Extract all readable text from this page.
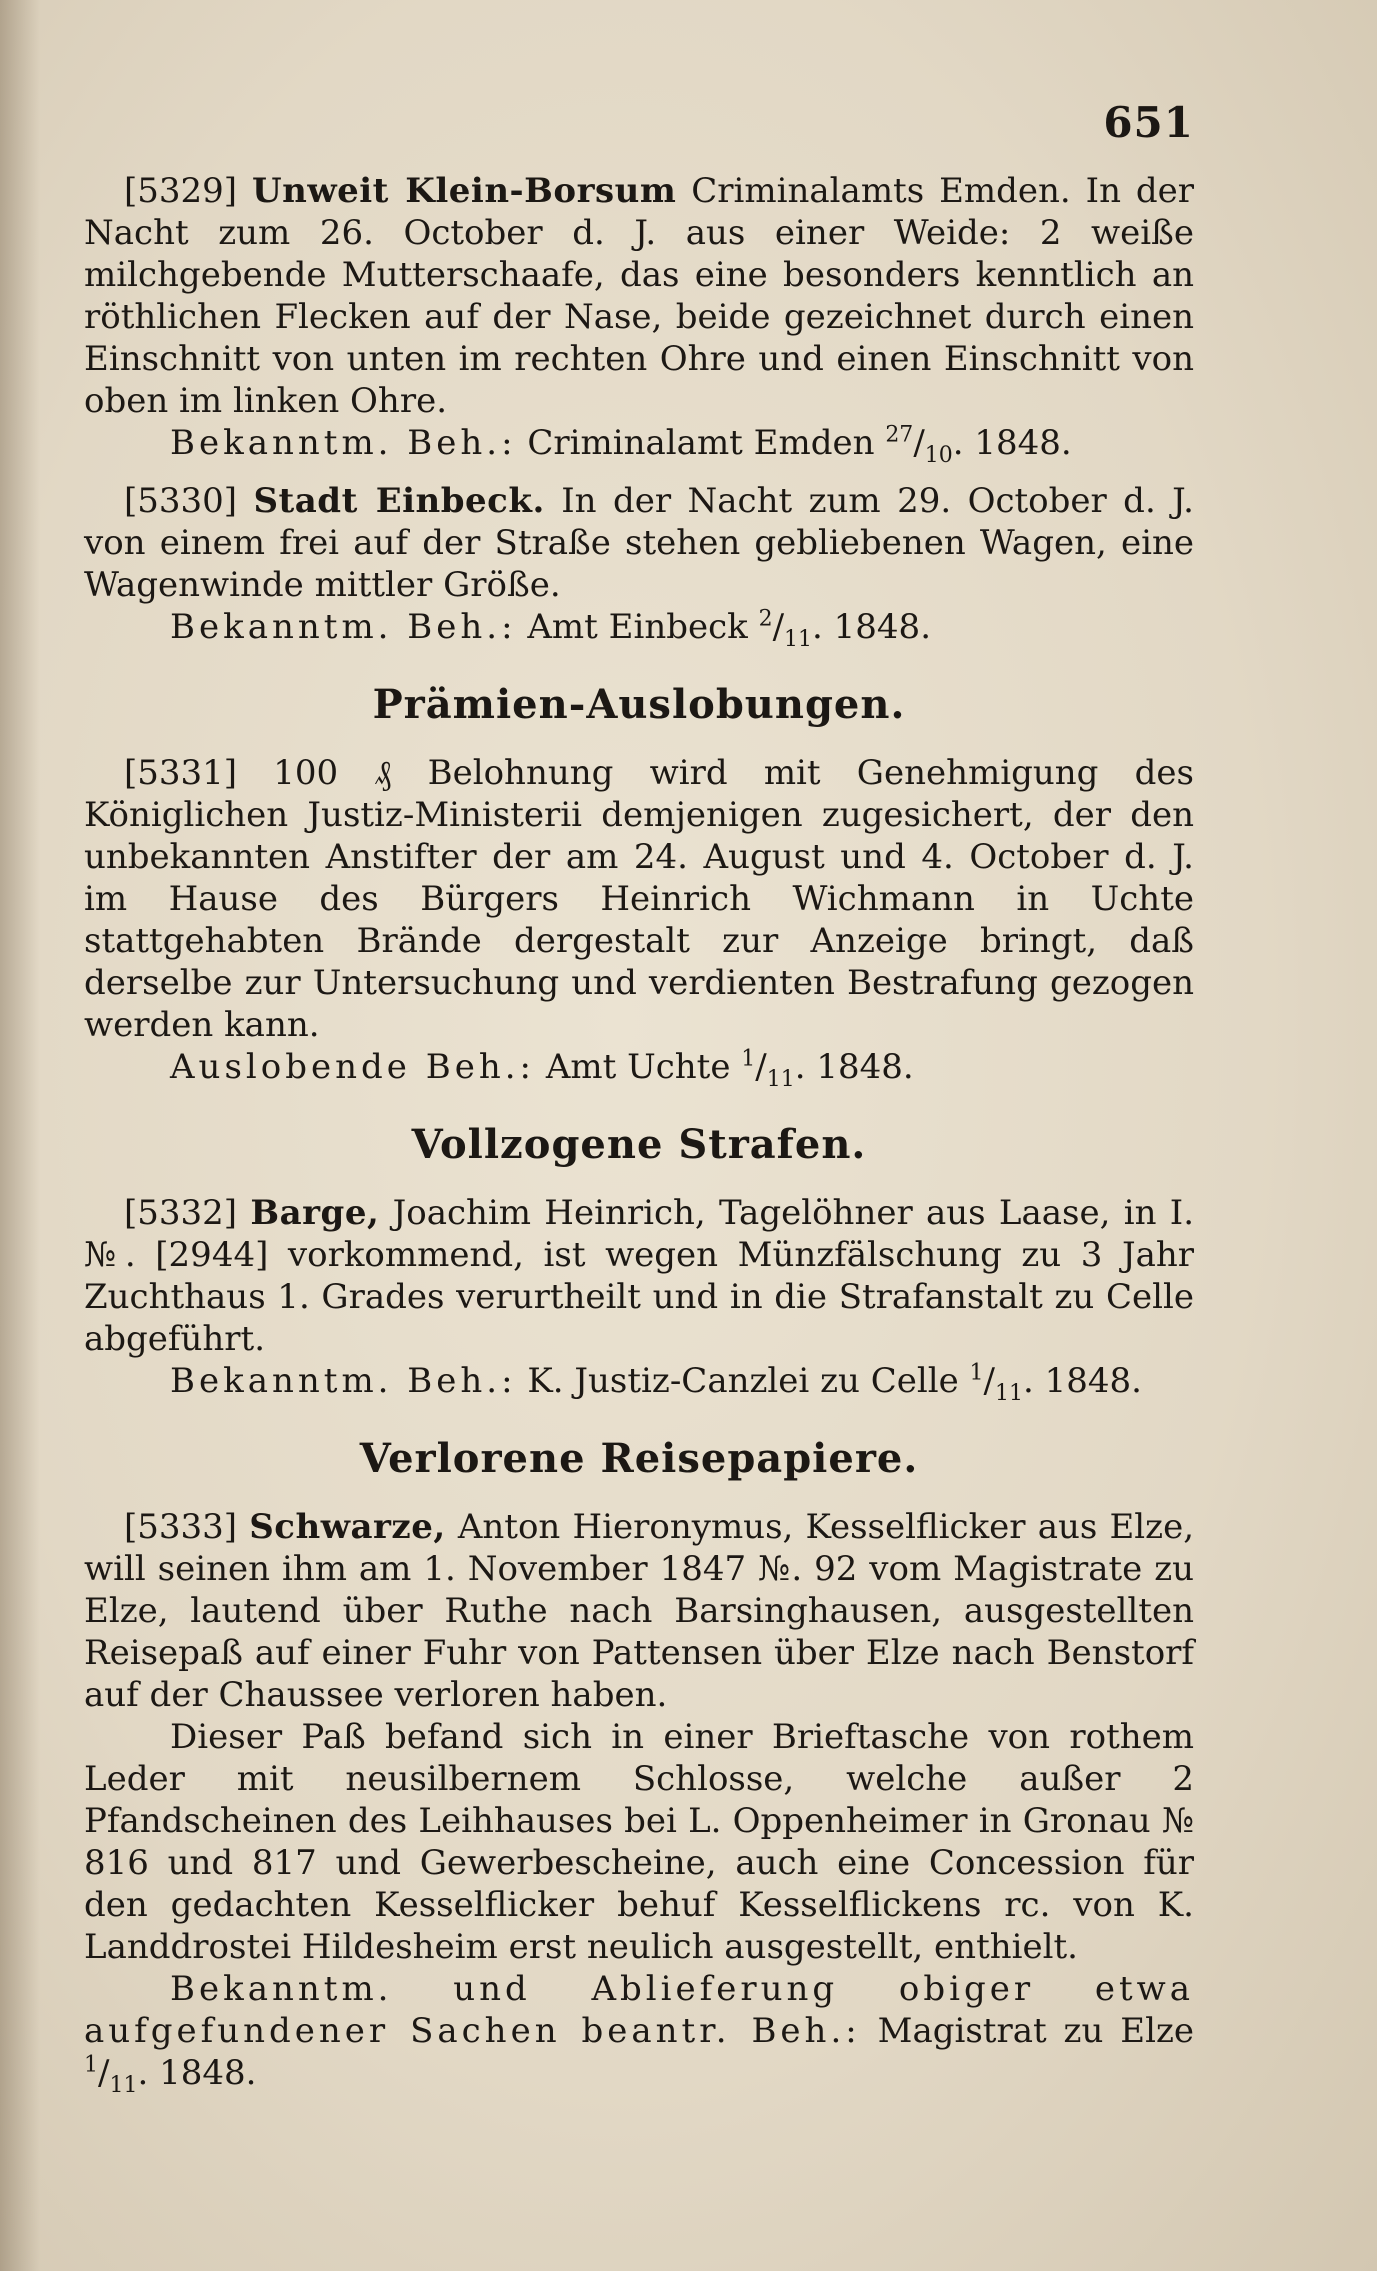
651

[5329] Unweit Klein-Borsum Criminalamts Emden. In der Nacht zum 26. October d. J. aus einer Weide: 2 weiße milchgebende Mutterschaafe, das eine besonders kenntlich an röthlichen Flecken auf der Nase, beide gezeichnet durch einen Einschnitt von unten im rechten Ohre und einen Einschnitt von oben im linken Ohre.

Bekanntm. Beh.: Criminalamt Emden $^{27}/_{10}$. 1848.

[5330] Stadt Einbeck. In der Nacht zum 29. October d. J. von einem frei auf der Straße stehen gebliebenen Wagen, eine Wagenwinde mittler Größe.

Bekanntm. Beh.: Amt Einbeck $^2/_{11}$. 1848.

Prämien-Auslobungen.

[5331] 100 ₰ Belohnung wird mit Genehmigung des Königlichen Justiz-Ministerii demjenigen zugesichert, der den unbekannten Anstifter der am 24. August und 4. October d. J. im Hause des Bürgers Heinrich Wichmann in Uchte stattgehabten Brände dergestalt zur Anzeige bringt, daß derselbe zur Untersuchung und verdienten Bestrafung gezogen werden kann.

Auslobende Beh.: Amt Uchte $^1/_{11}$. 1848.

Vollzogene Strafen.

[5332] Barge, Joachim Heinrich, Tagelöhner aus Laase, in I. №. [2944] vorkommend, ist wegen Münzfälschung zu 3 Jahr Zuchthaus 1. Grades verurtheilt und in die Strafanstalt zu Celle abgeführt.

Bekanntm. Beh.: K. Justiz-Canzlei zu Celle $^1/_{11}$. 1848.

Verlorene Reisepapiere.

[5333] Schwarze, Anton Hieronymus, Kesselflicker aus Elze, will seinen ihm am 1. November 1847 №. 92 vom Magistrate zu Elze, lautend über Ruthe nach Barsinghausen, ausgestellten Reisepaß auf einer Fuhr von Pattensen über Elze nach Benstorf auf der Chaussee verloren haben.

Dieser Paß befand sich in einer Brieftasche von rothem Leder mit neusilbernem Schlosse, welche außer 2 Pfandscheinen des Leihhauses bei L. Oppenheimer in Gronau № 816 und 817 und Gewerbescheine, auch eine Concession für den gedachten Kesselflicker behuf Kesselflickens rc. von K. Landdrostei Hildesheim erst neulich ausgestellt, enthielt.

Bekanntm. und Ablieferung obiger etwa aufgefundener Sachen beantr. Beh.: Magistrat zu Elze $^1/_{11}$. 1848.
